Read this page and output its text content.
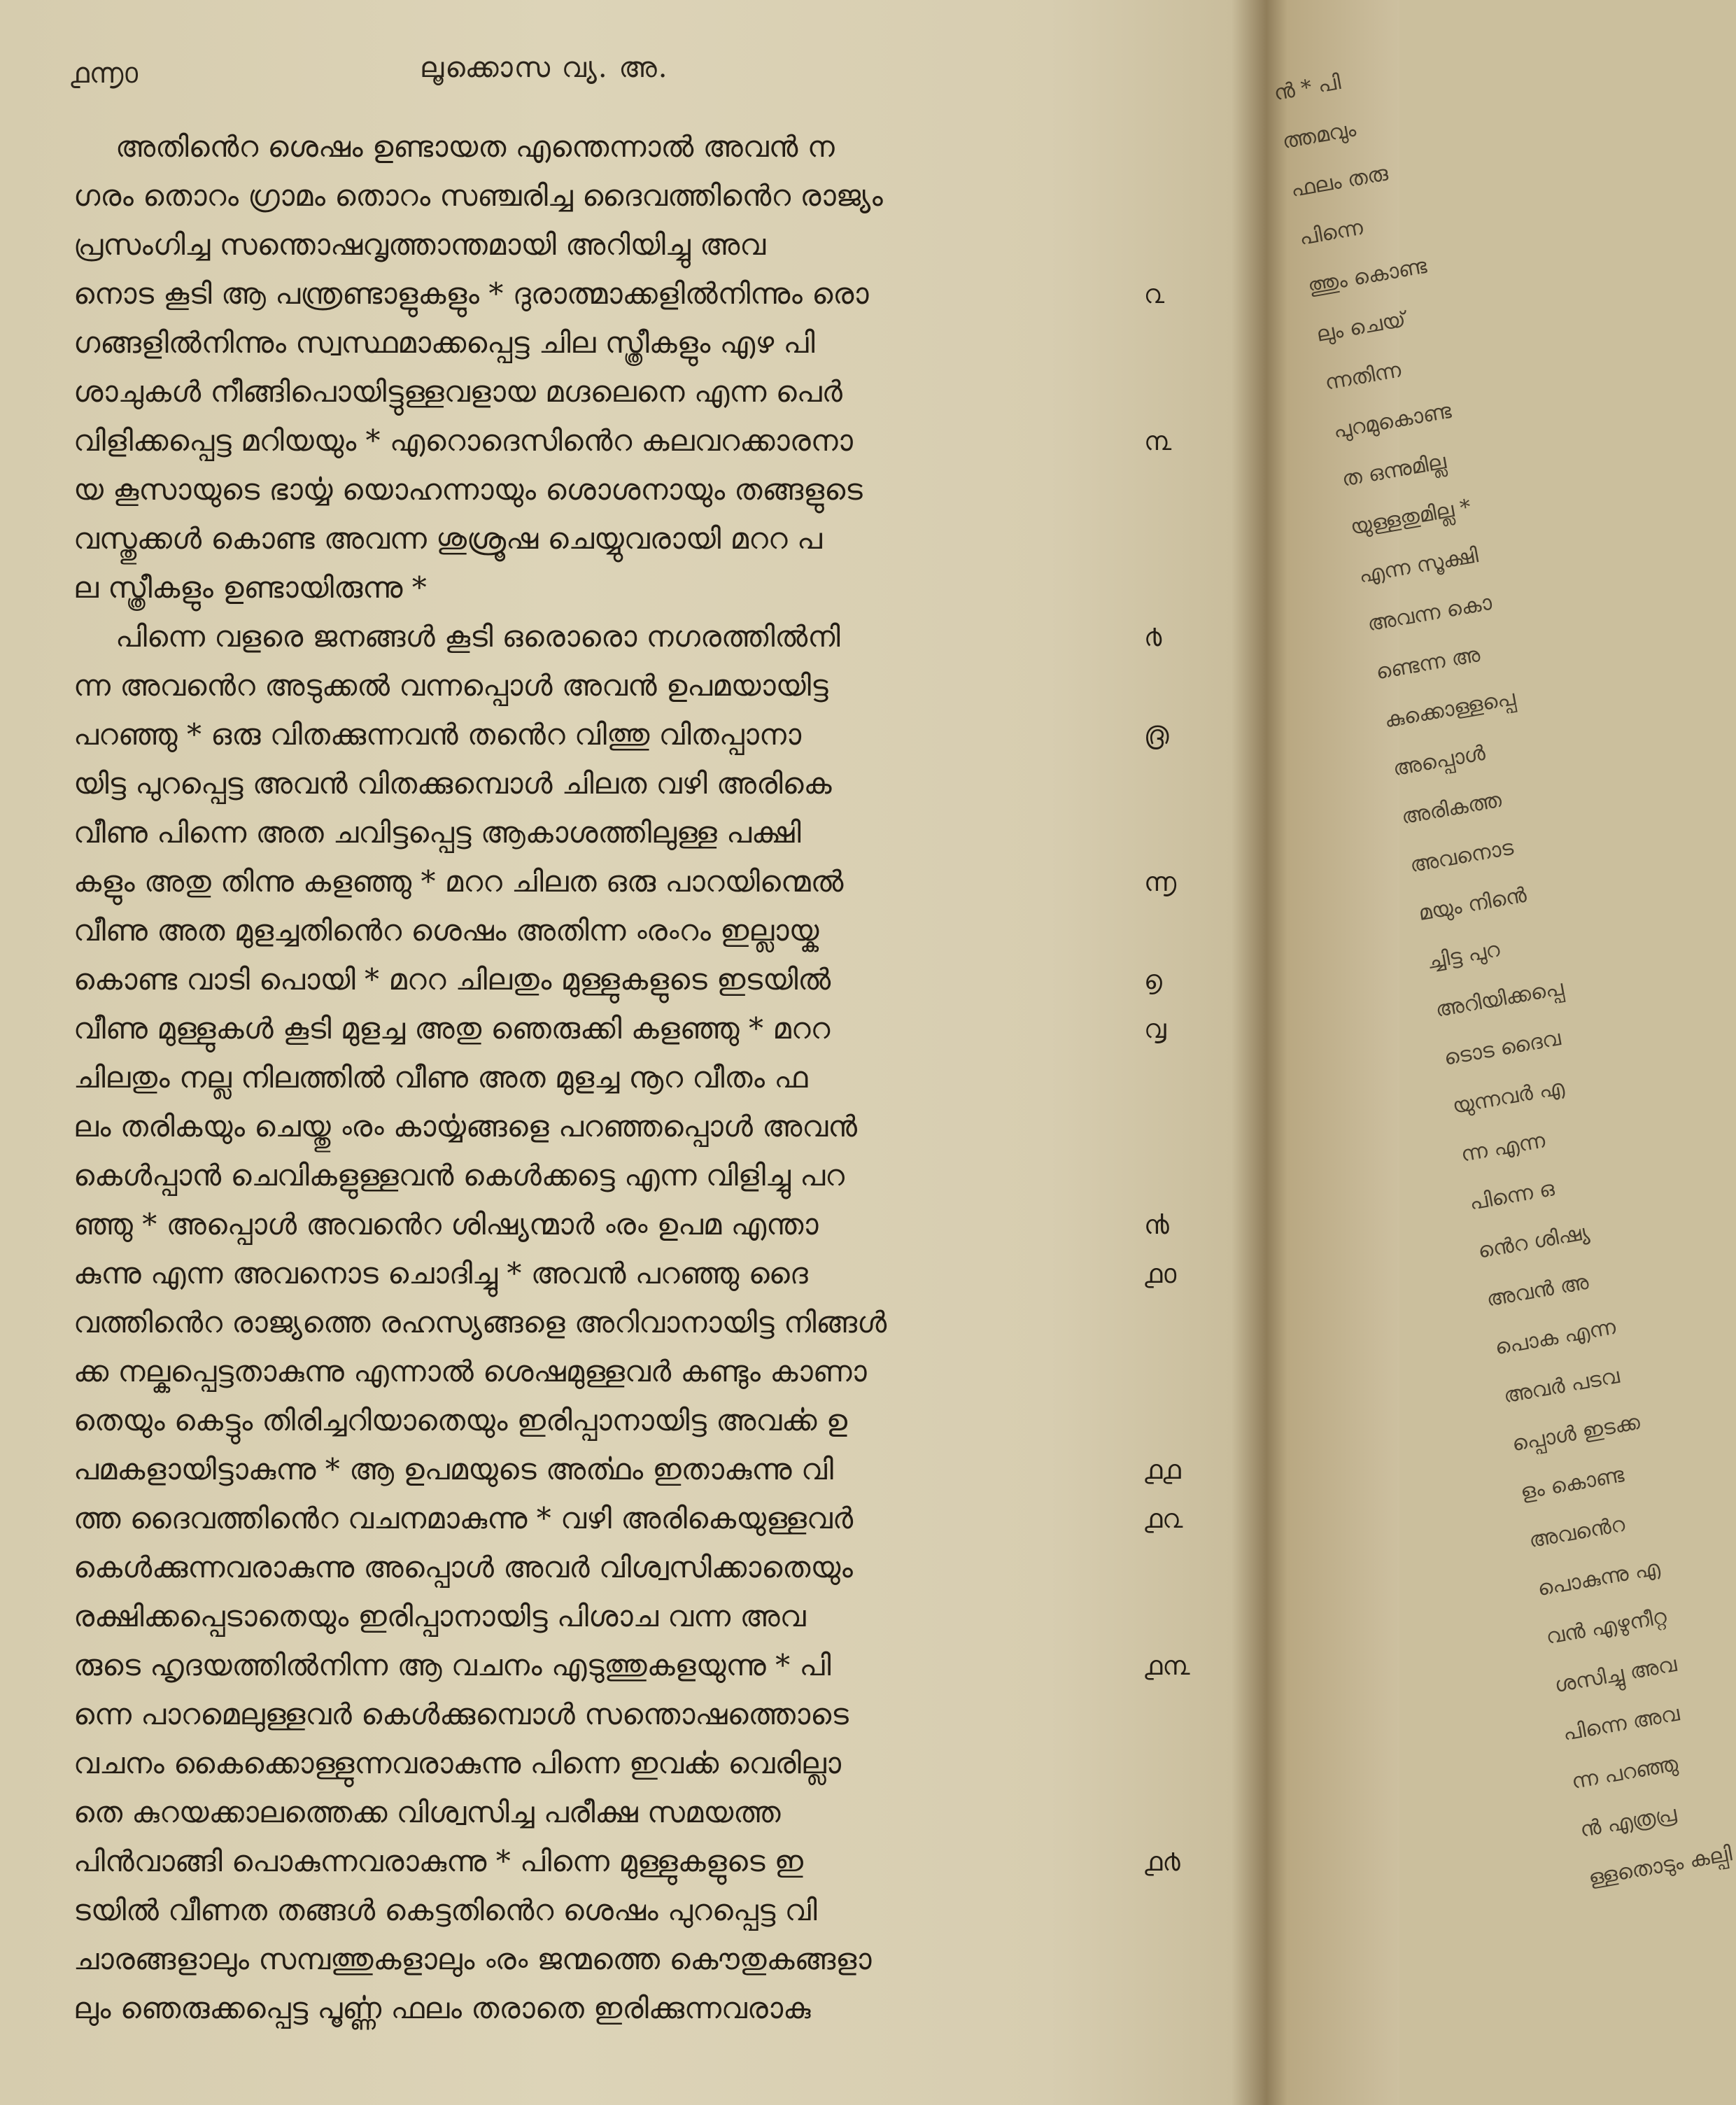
൧൬൦	ലൂക്കൊസ വ്യ. അ.
അതിൻെറ ശെഷം ഉണ്ടായത എന്തെന്നാൽ അവൻ ന
ഗരം തൊറം ഗ്രാമം തൊറം സഞ്ചരിച്ച ദൈവത്തിൻെറ രാജ്യം
പ്രസംഗിച്ച സന്തൊഷവൃത്താന്തമായി അറിയിച്ചു അവ
നൊട കൂടി ആ പന്ത്രണ്ടാളുകളും * ദുരാത്മാക്കളിൽനിന്നും രൊ
ഗങ്ങളിൽനിന്നും സ്വസ്ഥമാക്കപ്പെട്ട ചില സ്ത്രീകളും എഴ പി
ശാചുകൾ നീങ്ങിപൊയിട്ടുള്ളവളായ മഗ്ദലെനെ എന്ന പെർ
വിളിക്കപ്പെട്ട മറിയയും * എറൊദെസിൻെറ കലവറക്കാരനാ
യ കൂസായുടെ ഭാൎയ്യ യൊഹന്നായും ശൊശനായും തങ്ങളുടെ
വസ്തുക്കൾ കൊണ്ട അവന്ന ശുശ്രൂഷ ചെയ്യുവരായി മററ പ
ല സ്ത്രീകളും ഉണ്ടായിരുന്നു *
പിന്നെ വളരെ ജനങ്ങൾ കൂടി ഒരൊരൊ നഗരത്തിൽനി
ന്ന അവൻെറ അടുക്കൽ വന്നപ്പൊൾ അവൻ ഉപമയായിട്ട
പറഞ്ഞു * ഒരു വിതക്കുന്നവൻ തൻെറ വിത്തു വിതപ്പാനാ
യിട്ട പുറപ്പെട്ട അവൻ വിതക്കുമ്പൊൾ ചിലത വഴി അരികെ
വീണു പിന്നെ അത ചവിട്ടപ്പെട്ട ആകാശത്തിലുള്ള പക്ഷി
കളും അതു തിന്നു കളഞ്ഞു * മററ ചിലത ഒരു പാറയിന്മെൽ
വീണു അത മുളച്ചതിൻെറ ശെഷം അതിന്ന ൟറം ഇല്ലായ്ക
കൊണ്ട വാടി പൊയി * മററ ചിലതും മുള്ളുകളുടെ ഇടയിൽ
വീണു മുള്ളുകൾ കൂടി മുളച്ച അതു ഞെരുക്കി കളഞ്ഞു * മററ
ചിലതും നല്ല നിലത്തിൽ വീണു അത മുളച്ച നൂറ വീതം ഫ
ലം തരികയും ചെയ്തു ൟ കാൎയ്യങ്ങളെ പറഞ്ഞപ്പൊൾ അവൻ
കെൾപ്പാൻ ചെവികളുള്ളവൻ കെൾക്കട്ടെ എന്ന വിളിച്ചു പറ
ഞ്ഞു * അപ്പൊൾ അവൻെറ ശിഷ്യന്മാർ ൟ ഉപമ എന്താ
കുന്നു എന്ന അവനൊട ചൊദിച്ചു * അവൻ പറഞ്ഞു ദൈ
വത്തിൻെറ രാജ്യത്തെ രഹസ്യങ്ങളെ അറിവാനായിട്ട നിങ്ങൾ
ക്ക നല്കപ്പെട്ടതാകുന്നു എന്നാൽ ശെഷമുള്ളവർ കണ്ടും കാണാ
തെയും കെട്ടും തിരിച്ചറിയാതെയും ഇരിപ്പാനായിട്ട അവൎക്ക ഉ
പമകളായിട്ടാകുന്നു * ആ ഉപമയുടെ അൎത്ഥം ഇതാകുന്നു വി
ത്ത ദൈവത്തിൻെറ വചനമാകുന്നു * വഴി അരികെയുള്ളവർ
കെൾക്കുന്നവരാകുന്നു അപ്പൊൾ അവർ വിശ്വസിക്കാതെയും
രക്ഷിക്കപ്പെടാതെയും ഇരിപ്പാനായിട്ട പിശാച വന്ന അവ
രുടെ ഹൃദയത്തിൽനിന്ന ആ വചനം എടുത്തുകളയുന്നു * പി
ന്നെ പാറമെലുള്ളവർ കെൾക്കുമ്പൊൾ സന്തൊഷത്തൊടെ
വചനം കൈക്കൊള്ളുന്നവരാകുന്നു പിന്നെ ഇവൎക്ക വെരില്ലാ
തെ കുറയക്കാലത്തെക്ക വിശ്വസിച്ച പരീക്ഷ സമയത്ത
പിൻവാങ്ങി പൊകുന്നവരാകുന്നു * പിന്നെ മുള്ളുകളുടെ ഇ
ടയിൽ വീണത തങ്ങൾ കെട്ടതിൻെറ ശെഷം പുറപ്പെട്ട വി
ചാരങ്ങളാലും സമ്പത്തുകളാലും ൟ ജന്മത്തെ കൌതുകങ്ങളാ
ലും ഞെരുക്കപ്പെട്ട പൂൎണ്ണ ഫലം തരാതെ ഇരിക്കുന്നവരാകു
൨
൩
൪
൫
൬
൭
൮
൯
൧൦
൧൧
൧൨
൧൩
൧൪
ൻ * പി
ത്തമവും
ഫലം തരു
പിന്നെ
ത്തും കൊണ്ട
ലും ചെയ്
ന്നതിന്ന
പുറമുകൊണ്ട
ത ഒന്നുമില്ല
യുള്ളതുമില്ല *
എന്ന സൂക്ഷി
അവന്ന കൊ
ണ്ടെന്ന അ
കുക്കൊള്ളപ്പെ
അപ്പൊൾ
അരികത്ത
അവനൊട
മയും നിൻെ
ച്ചിട്ട പുറ
അറിയിക്കപ്പെ
ടൊട ദൈവ
യുന്നവർ എ
ന്ന എന്ന
പിന്നെ ഒ
ൻെറ ശിഷ്യ
അവൻ അ
പൊക എന്ന
അവർ പടവ
പ്പൊൾ ഇടക്ക
ളം കൊണ്ട
അവൻെറ
പൊകുന്നു എ
വൻ എഴുനീറ്റ
ശസിച്ചു അവ
പിന്നെ അവ
ന്ന പറഞ്ഞു
ൻ എത്രപ്ര
ള്ളതൊടും കല്പി
